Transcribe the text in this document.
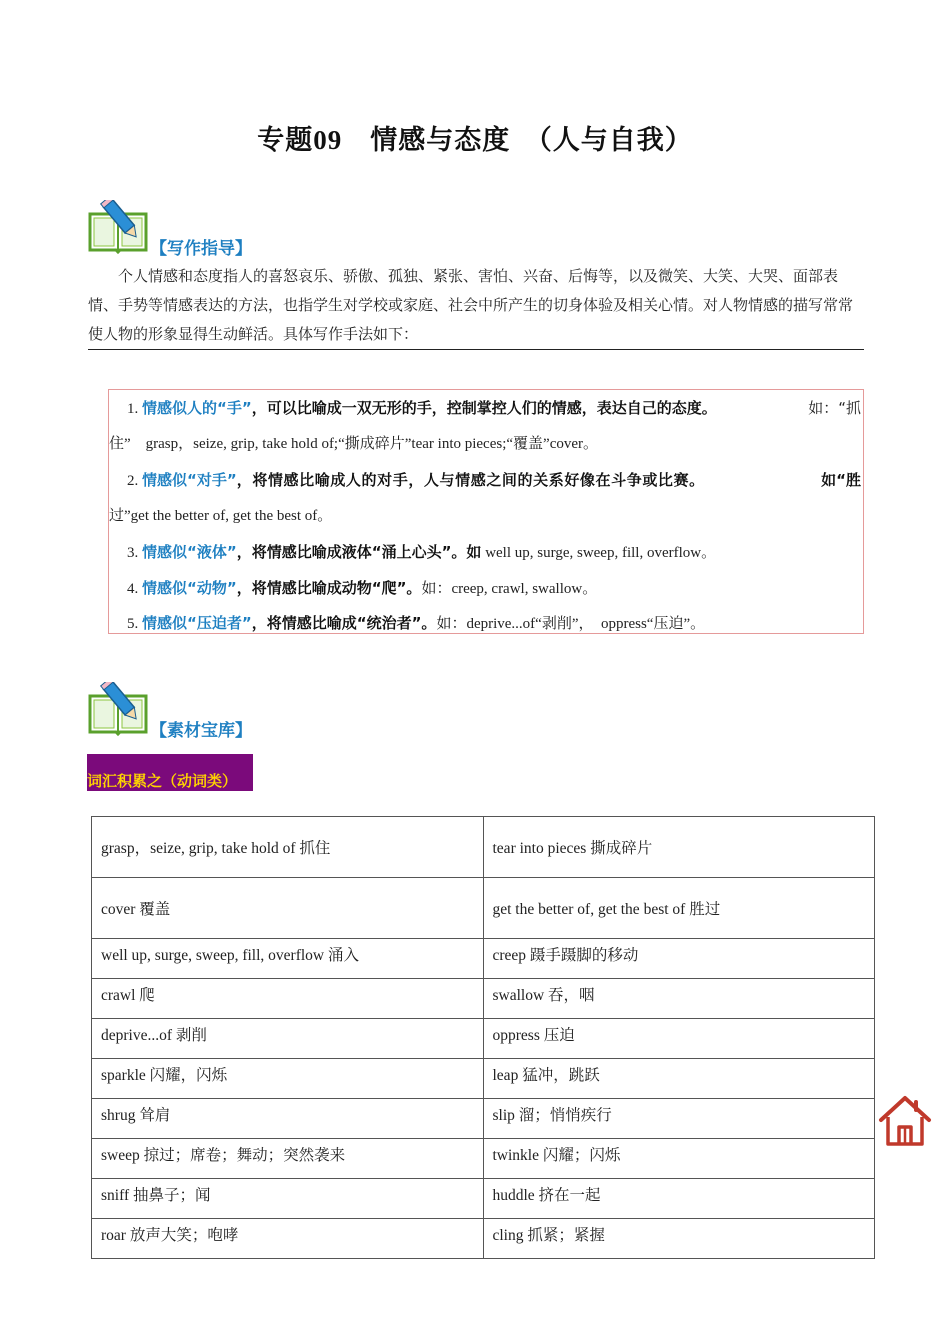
专题09　情感与态度　（人与自我）
【写作指导】
个人情感和态度指人的喜怒哀乐、骄傲、孤独、紧张、害怕、兴奋、后悔等，以及微笑、大笑、大哭、面部表情、手势等情感表达的方法，也指学生对学校或家庭、社会中所产生的切身体验及相关心情。对人物情感的描写常常使人物的形象显得生动鲜活。具体写作手法如下：
1. 情感似人的“手”，可以比喻成一双无形的手，控制掌控人们的情感，表达自己的态度。	如：“抓
住”　grasp，seize, grip, take hold of;“撕成碎片”tear into pieces;“覆盖”cover。
2. 情感似“对手”，将情感比喻成人的对手，人与情感之间的关系好像在斗争或比赛。	如“胜
过”get the better of, get the best of。
3. 情感似“液体”，将情感比喻成液体“涌上心头”。如 well up, surge, sweep, fill, overflow。
4. 情感似“动物”，将情感比喻成动物“爬”。如：creep, crawl, swallow。
5. 情感似“压迫者”，将情感比喻成“统治者”。如：deprive...of“剥削”，　oppress“压迫”。
【素材宝库】
词汇积累之（动词类）
grasp，seize, grip, take hold of 抓住	tear into pieces 撕成碎片
cover 覆盖	get the better of, get the best of 胜过
well up, surge, sweep, fill, overflow 涌入	creep 蹑手蹑脚的移动
crawl 爬	swallow 吞，咽
deprive...of 剥削	oppress 压迫
sparkle 闪耀，闪烁	leap 猛冲，跳跃
shrug 耸肩	slip 溜；悄悄疾行
sweep 掠过；席卷；舞动；突然袭来	twinkle 闪耀；闪烁
sniff 抽鼻子；闻	huddle 挤在一起
roar 放声大笑；咆哮	cling 抓紧；紧握
